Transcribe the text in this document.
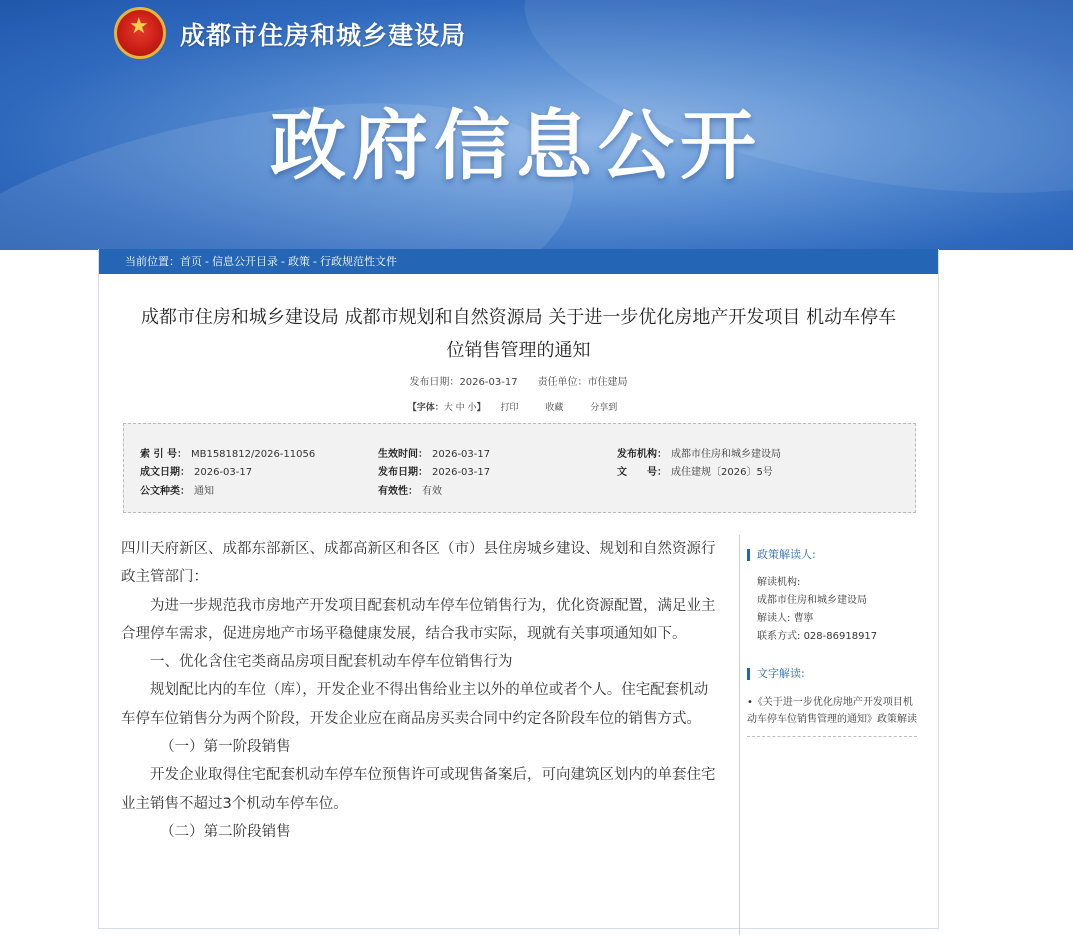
★ 成都市住房和城乡建设局
政府信息公开
当前位置：首页 - 信息公开目录 - 政策 - 行政规范性文件
成都市住房和城乡建设局 成都市规划和自然资源局 关于进一步优化房地产开发项目 机动车停车
位销售管理的通知
发布日期：2026-03-17 责任单位：市住建局
【字体：大 中 小】 打印	收藏	分享到
索 引 号： MB1581812/2026-11056	生效时间： 2026-03-17	发布机构： 成都市住房和城乡建设局
成文日期： 2026-03-17	发布日期： 2026-03-17	文　　号： 成住建规〔2026〕5号
公文种类： 通知	有效性： 有效

四川天府新区、成都东部新区、成都高新区和各区（市）县住房城乡建设、规划和自然资源行政主管部门：

为进一步规范我市房地产开发项目配套机动车停车位销售行为，优化资源配置，满足业主合理停车需求，促进房地产市场平稳健康发展，结合我市实际，现就有关事项通知如下。

一、优化含住宅类商品房项目配套机动车停车位销售行为

规划配比内的车位（库），开发企业不得出售给业主以外的单位或者个人。住宅配套机动车停车位销售分为两个阶段，开发企业应在商品房买卖合同中约定各阶段车位的销售方式。

（一）第一阶段销售

开发企业取得住宅配套机动车停车位预售许可或现售备案后，可向建筑区划内的单套住宅业主销售不超过3个机动车停车位。

（二）第二阶段销售

政策解读人:
解读机构:
成都市住房和城乡建设局
解读人: 曹寧
联系方式: 028-86918917
文字解读:
•《关于进一步优化房地产开发项目机动车停车位销售管理的通知》政策解读
